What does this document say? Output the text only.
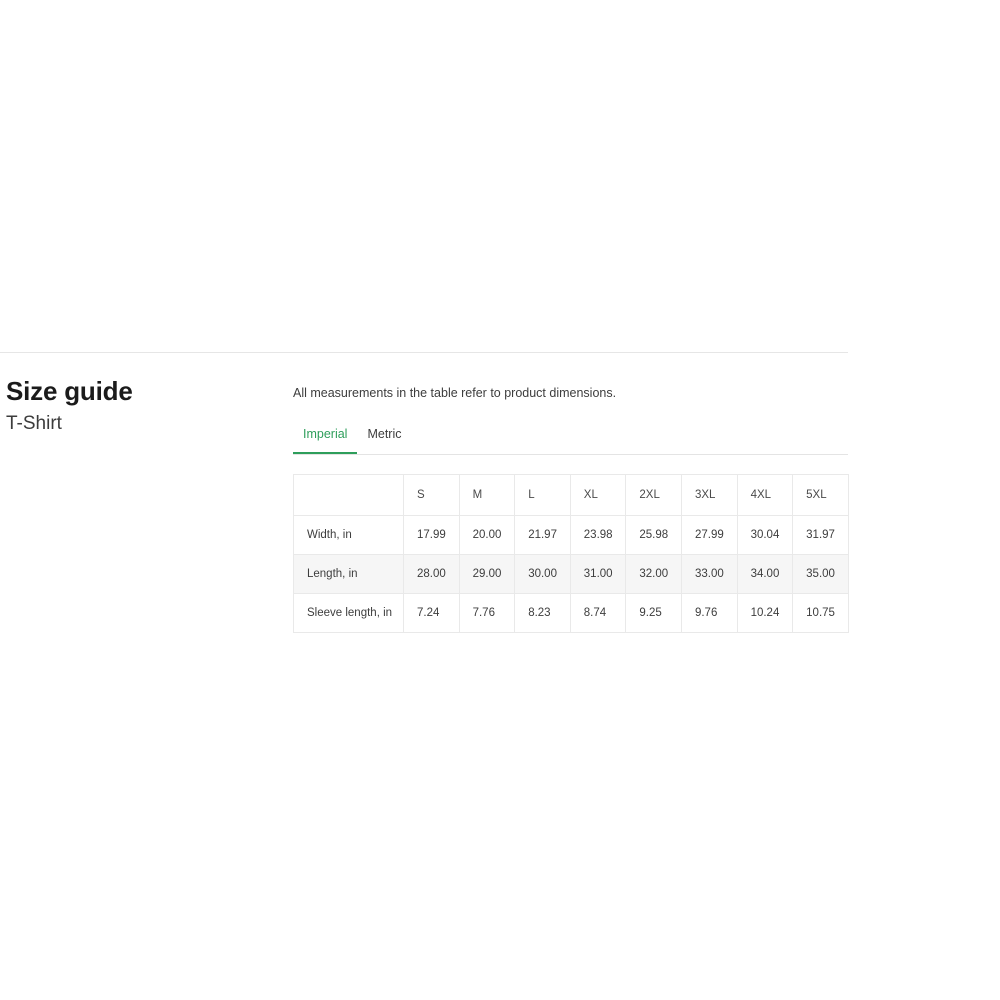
Size guide
T-Shirt

All measurements in the table refer to product dimensions.

Imperial	Metric
	S	M	L	XL	2XL	3XL	4XL	5XL
Width, in	17.99	20.00	21.97	23.98	25.98	27.99	30.04	31.97
Length, in	28.00	29.00	30.00	31.00	32.00	33.00	34.00	35.00
Sleeve length, in	7.24	7.76	8.23	8.74	9.25	9.76	10.24	10.75
